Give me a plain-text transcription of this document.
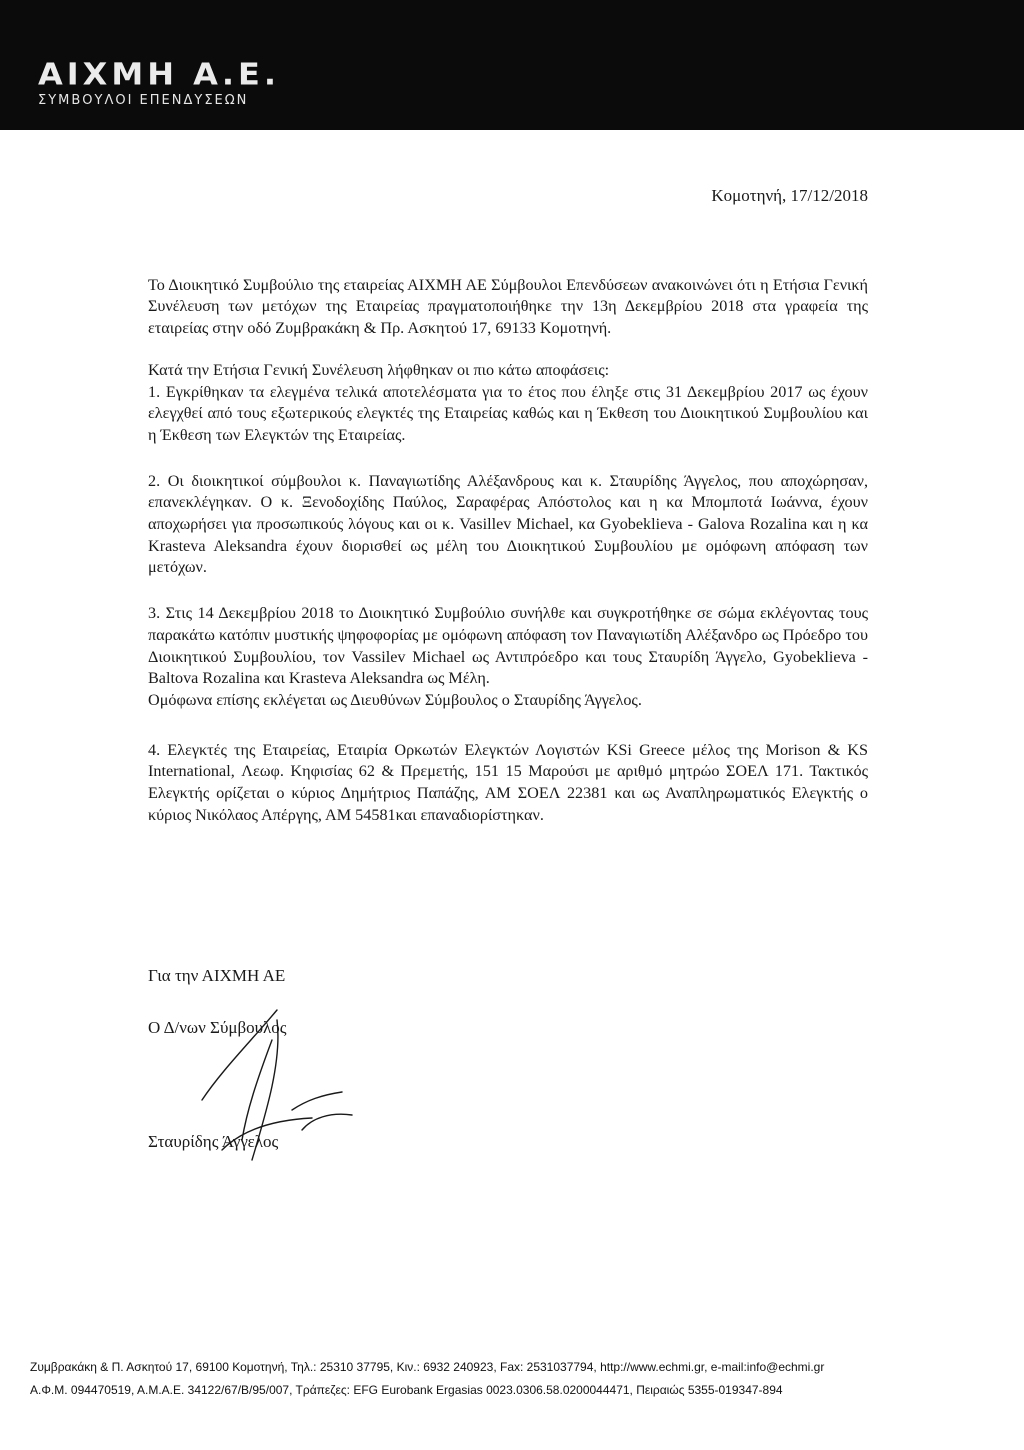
ΑΙΧΜΗ Α.Ε.
ΣΥΜΒΟΥΛΟΙ ΕΠΕΝΔΥΣΕΩΝ
Κομοτηνή, 17/12/2018

Το Διοικητικό Συμβούλιο της εταιρείας ΑΙΧΜΗ ΑΕ Σύμβουλοι Επενδύσεων ανακοινώνει ότι η Ετήσια Γενική Συνέλευση των μετόχων της Εταιρείας πραγματοποιήθηκε την 13η Δεκεμβρίου 2018 στα γραφεία της εταιρείας στην οδό Ζυμβρακάκη & Πρ. Ασκητού 17, 69133 Κομοτηνή.

Κατά την Ετήσια Γενική Συνέλευση λήφθηκαν οι πιο κάτω αποφάσεις:

1. Εγκρίθηκαν τα ελεγμένα τελικά αποτελέσματα για το έτος που έληξε στις 31 Δεκεμβρίου 2017 ως έχουν ελεγχθεί από τους εξωτερικούς ελεγκτές της Εταιρείας καθώς και η Έκθεση του Διοικητικού Συμβουλίου και η Έκθεση των Ελεγκτών της Εταιρείας.

2. Οι διοικητικοί σύμβουλοι κ. Παναγιωτίδης Αλέξανδρους και κ. Σταυρίδης Άγγελος, που αποχώρησαν, επανεκλέγηκαν. Ο κ. Ξενοδοχίδης Παύλος, Σαραφέρας Απόστολος και η κα Μπομποτά Ιωάννα, έχουν αποχωρήσει για προσωπικούς λόγους και οι κ. Vasillev Michael, κα Gyobeklieva - Galova Rozalina και η κα Krasteva Aleksandra έχουν διορισθεί ως μέλη του Διοικητικού Συμβουλίου με ομόφωνη απόφαση των μετόχων.

3. Στις 14 Δεκεμβρίου 2018 το Διοικητικό Συμβούλιο συνήλθε και συγκροτήθηκε σε σώμα εκλέγοντας τους παρακάτω κατόπιν μυστικής ψηφοφορίας με ομόφωνη απόφαση τον Παναγιωτίδη Αλέξανδρο ως Πρόεδρο του Διοικητικού Συμβουλίου, τον Vassilev Michael ως Αντιπρόεδρο και τους Σταυρίδη Άγγελο, Gyobeklieva - Baltova Rozalina και Krasteva Aleksandra ως Μέλη.

Ομόφωνα επίσης εκλέγεται ως Διευθύνων Σύμβουλος ο Σταυρίδης Άγγελος.

4. Ελεγκτές της Εταιρείας, Εταιρία Ορκωτών Ελεγκτών Λογιστών KSi Greece μέλος της Morison & KS International, Λεωφ. Κηφισίας 62 & Πρεμετής, 151 15 Μαρούσι με αριθμό μητρώο ΣΟΕΛ 171. Τακτικός Ελεγκτής ορίζεται ο κύριος Δημήτριος Παπάζης, ΑΜ ΣΟΕΛ 22381 και ως Αναπληρωματικός Ελεγκτής ο κύριος Νικόλαος Απέργης, ΑΜ 54581και επαναδιορίστηκαν.

Για την ΑΙΧΜΗ ΑΕ
Ο Δ/νων Σύμβουλος
Σταυρίδης Άγγελος
Ζυμβρακάκη & Π. Ασκητού 17, 69100 Κομοτηνή, Τηλ.: 25310 37795, Κιν.: 6932 240923, Fax: 2531037794, http://www.echmi.gr, e-mail:info@echmi.gr
Α.Φ.Μ. 094470519, Α.Μ.Α.Ε. 34122/67/Β/95/007, Τράπεζες: EFG Eurobank Ergasias 0023.0306.58.0200044471, Πειραιώς 5355-019347-894
